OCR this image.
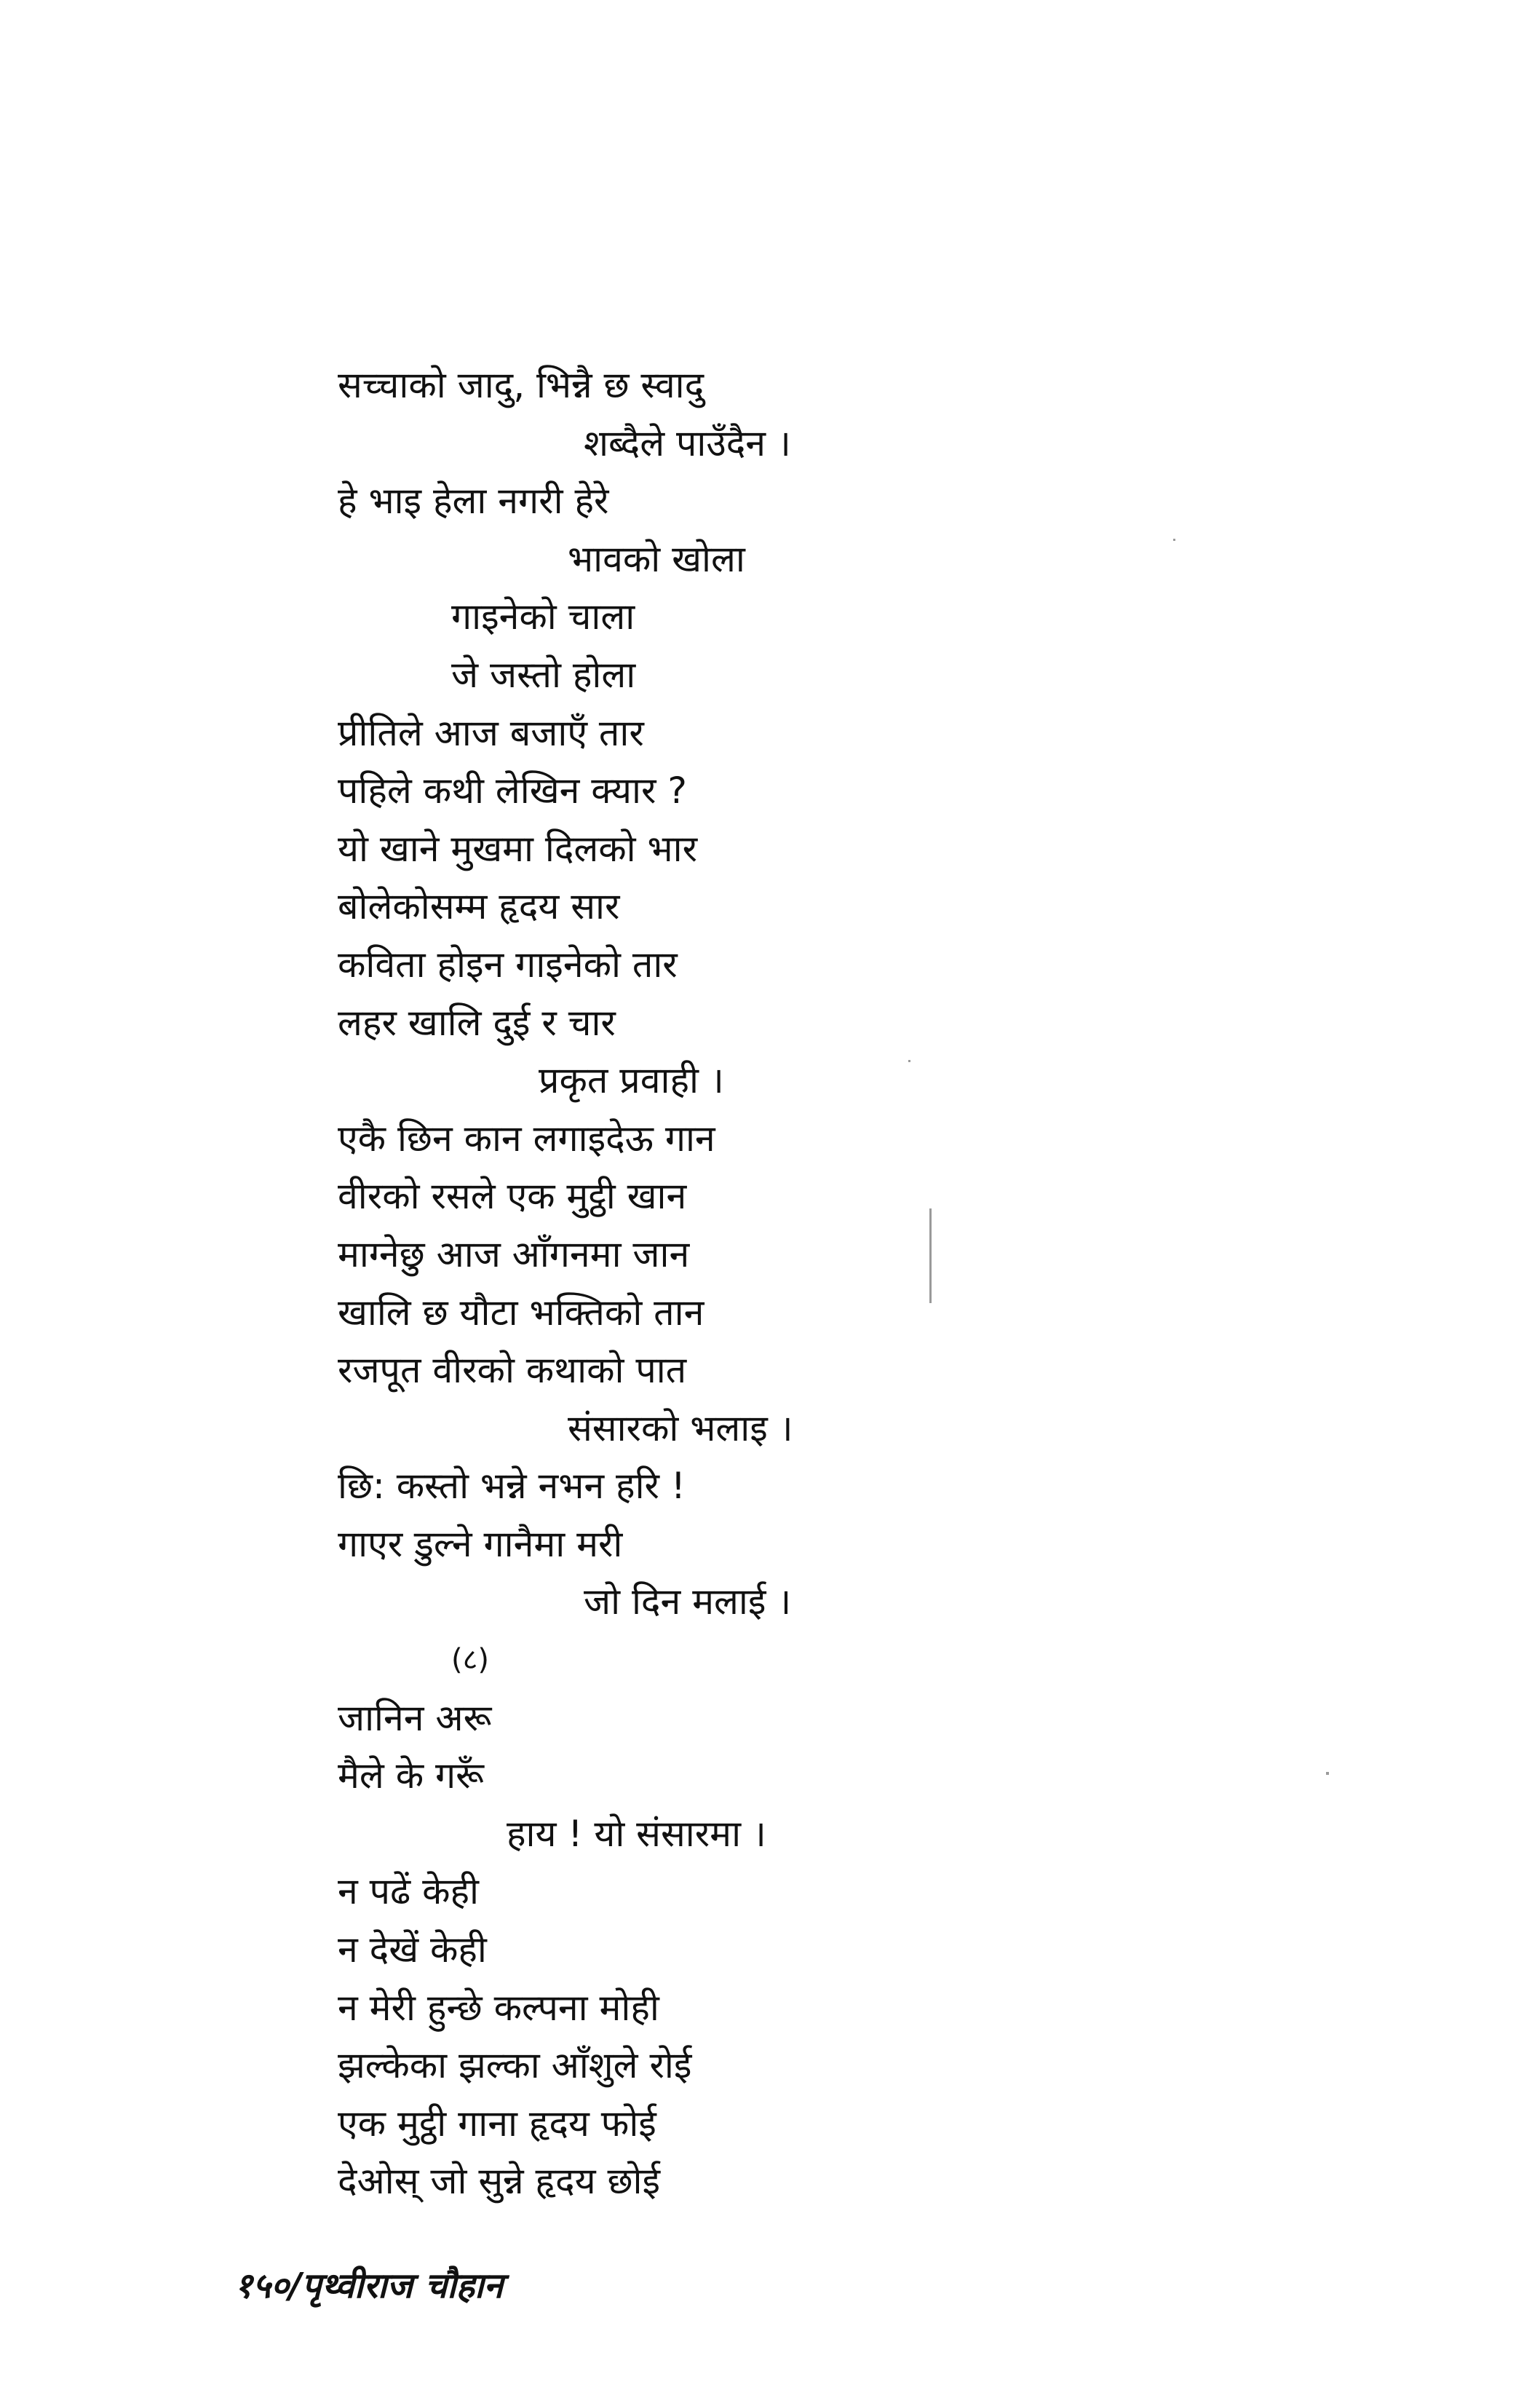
सच्चाको जादु, भिन्नै छ स्वादु
शब्दैले पाउँदैन ।
हे भाइ हेला नगरी हेरे
भावको खोला
गाइनेको चाला
जे जस्तो होला
प्रीतिले आज बजाएँ तार
पहिले कथी लेखिन क्यार ?
यो खाने मुखमा दिलको भार
बोलेकोसम्म हृदय सार
कविता होइन गाइनेको तार
लहर खालि दुई र चार
प्रकृत प्रवाही ।
एकै छिन कान लगाइदेऊ गान
वीरको रसले एक मुट्ठी खान
माग्नेछु आज आँगनमा जान
खालि छ यौटा भक्तिको तान
रजपूत वीरको कथाको पात
संसारको भलाइ ।
छि: कस्तो भन्ने नभन हरि !
गाएर डुल्ने गानैमा मरी
जो दिन मलाई ।
(८)
जानिन अरू
मैले के गरूँ
हाय ! यो संसारमा ।
न पढें केही
न देखें केही
न मेरी हुन्छे कल्पना मोही
झल्केका झल्का आँशुले रोई
एक मुट्ठी गाना हृदय फोई
देओस् जो सुन्ने हृदय छोई
१५०/पृथ्वीराज चौहान
